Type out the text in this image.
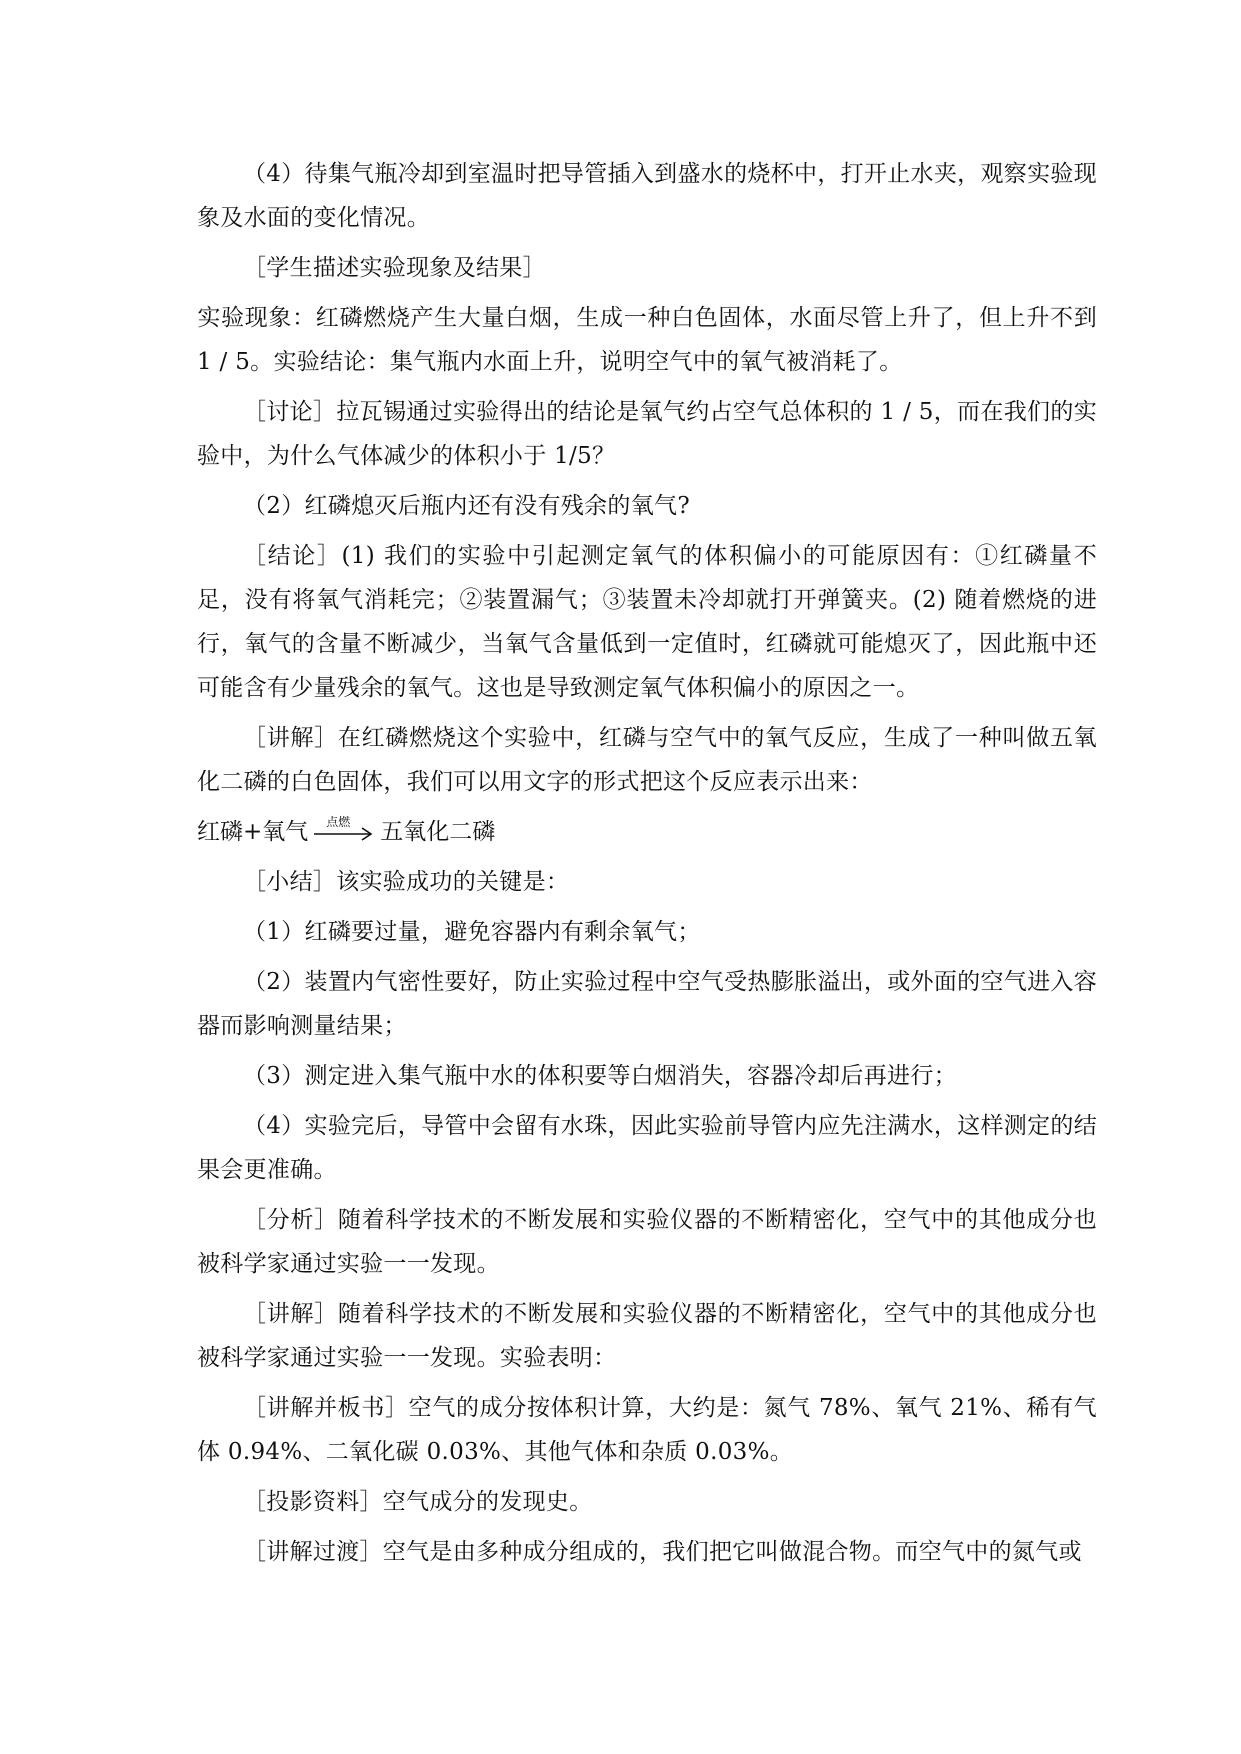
（4）待集气瓶冷却到室温时把导管插入到盛水的烧杯中，打开止水夹，观察实验现象及水面的变化情况。

［学生描述实验现象及结果］

实验现象：红磷燃烧产生大量白烟，生成一种白色固体，水面尽管上升了，但上升不到 1 / 5。实验结论：集气瓶内水面上升，说明空气中的氧气被消耗了。

［讨论］拉瓦锡通过实验得出的结论是氧气约占空气总体积的 1 / 5，而在我们的实验中，为什么气体减少的体积小于 1/5？

（2）红磷熄灭后瓶内还有没有残余的氧气?

［结论］(1) 我们的实验中引起测定氧气的体积偏小的可能原因有：①红磷量不足，没有将氧气消耗完；②装置漏气；③装置未冷却就打开弹簧夹。(2) 随着燃烧的进行，氧气的含量不断减少，当氧气含量低到一定值时，红磷就可能熄灭了，因此瓶中还可能含有少量残余的氧气。这也是导致测定氧气体积偏小的原因之一。

［讲解］在红磷燃烧这个实验中，红磷与空气中的氧气反应，生成了一种叫做五氧化二磷的白色固体，我们可以用文字的形式把这个反应表示出来：

红磷+氧气 点燃 五氧化二磷

［小结］该实验成功的关键是：

（1）红磷要过量，避免容器内有剩余氧气；

（2）装置内气密性要好，防止实验过程中空气受热膨胀溢出，或外面的空气进入容器而影响测量结果；

（3）测定进入集气瓶中水的体积要等白烟消失，容器冷却后再进行；

（4）实验完后，导管中会留有水珠，因此实验前导管内应先注满水，这样测定的结果会更准确。

［分析］随着科学技术的不断发展和实验仪器的不断精密化，空气中的其他成分也被科学家通过实验一一发现。

［讲解］随着科学技术的不断发展和实验仪器的不断精密化，空气中的其他成分也被科学家通过实验一一发现。实验表明：

［讲解并板书］空气的成分按体积计算，大约是：氮气 78%、氧气 21%、稀有气体 0.94%、二氧化碳 0.03%、其他气体和杂质 0.03%。

［投影资料］空气成分的发现史。

［讲解过渡］空气是由多种成分组成的，我们把它叫做混合物。而空气中的氮气或
